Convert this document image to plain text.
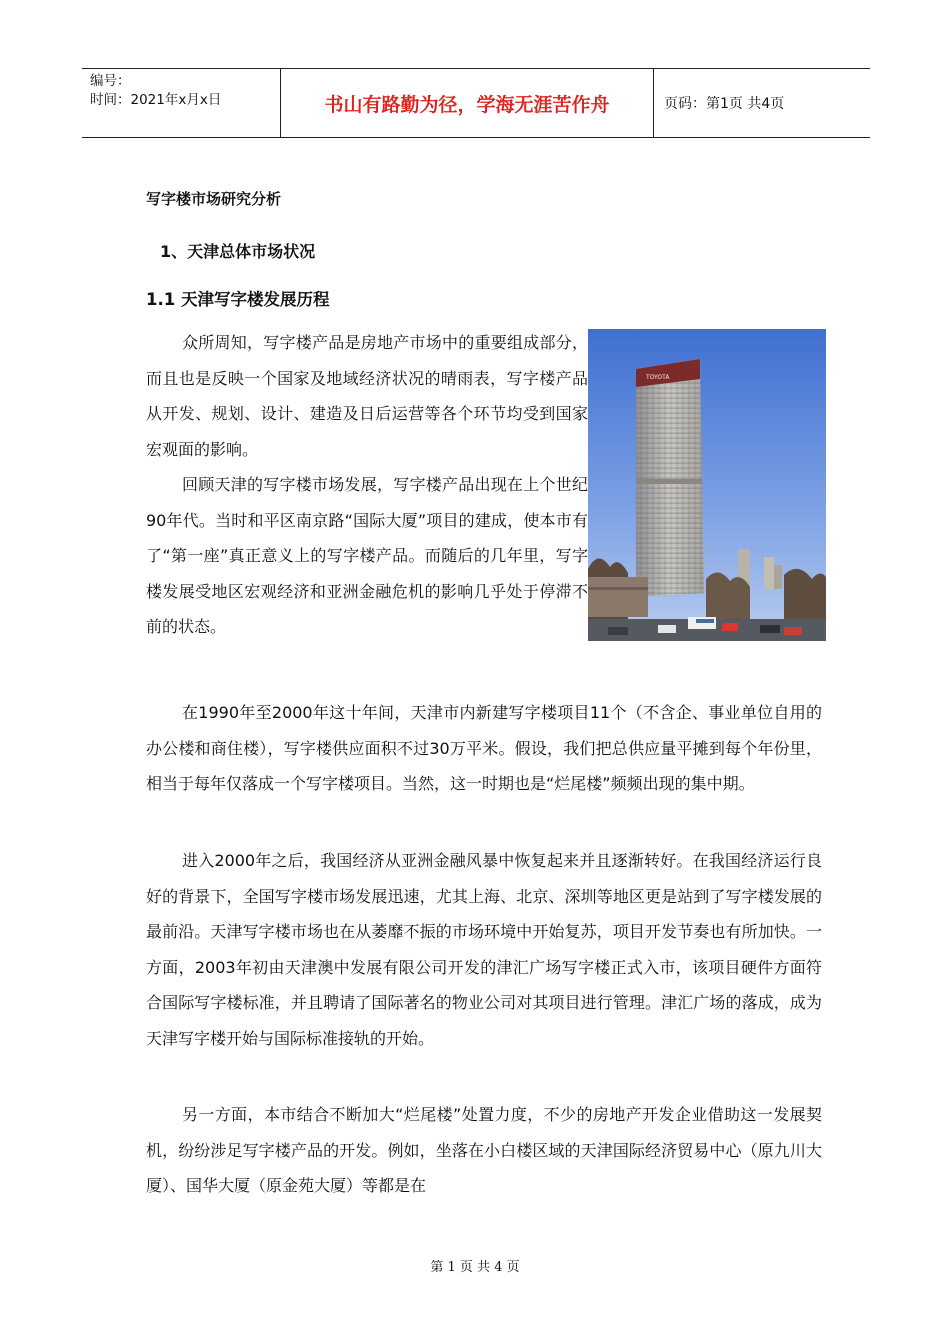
编号：
时间：2021年x月x日	书山有路勤为径，学海无涯苦作舟	页码：第1页 共4页
写字楼市场研究分析
1、天津总体市场状况
1.1 天津写字楼发展历程

众所周知，写字楼产品是房地产市场中的重要组成部分，而且也是反映一个国家及地域经济状况的晴雨表，写字楼产品从开发、规划、设计、建造及日后运营等各个环节均受到国家宏观面的影响。

回顾天津的写字楼市场发展，写字楼产品出现在上个世纪90年代。当时和平区南京路“国际大厦”项目的建成，使本市有了“第一座”真正意义上的写字楼产品。而随后的几年里，写字楼发展受地区宏观经济和亚洲金融危机的影响几乎处于停滞不前的状态。

在1990年至2000年这十年间，天津市内新建写字楼项目11个（不含企、事业单位自用的办公楼和商住楼），写字楼供应面积不过30万平米。假设，我们把总供应量平摊到每个年份里，相当于每年仅落成一个写字楼项目。当然，这一时期也是“烂尾楼”频频出现的集中期。

进入2000年之后，我国经济从亚洲金融风暴中恢复起来并且逐渐转好。在我国经济运行良好的背景下，全国写字楼市场发展迅速，尤其上海、北京、深圳等地区更是站到了写字楼发展的最前沿。天津写字楼市场也在从萎靡不振的市场环境中开始复苏，项目开发节奏也有所加快。一方面，2003年初由天津澳中发展有限公司开发的津汇广场写字楼正式入市，该项目硬件方面符合国际写字楼标准，并且聘请了国际著名的物业公司对其项目进行管理。津汇广场的落成，成为天津写字楼开始与国际标准接轨的开始。

另一方面，本市结合不断加大“烂尾楼”处置力度，不少的房地产开发企业借助这一发展契机，纷纷涉足写字楼产品的开发。例如，坐落在小白楼区域的天津国际经济贸易中心（原九川大厦）、国华大厦（原金苑大厦）等都是在

TOYOTA
第 1 页 共 4 页
